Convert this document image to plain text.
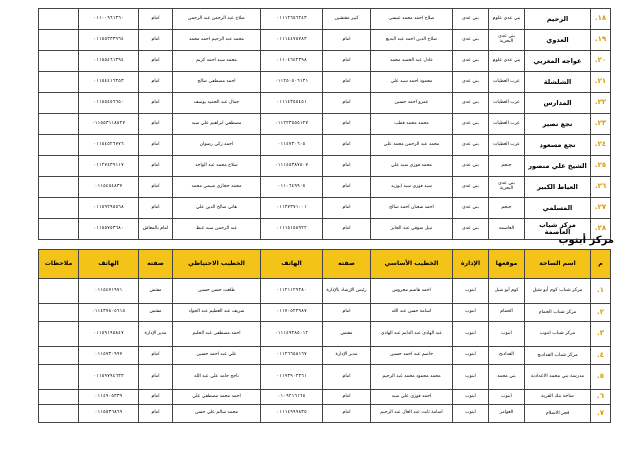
١٨.	الرحيم	بني عدي علوم	بني عدي	صلاح احمد محمد عيسى	كبير مفتشين	٠١١١٢٦٥٦٢٤٣	صلاح عبد الرحمن عبد الرحمن	امام	٠١١٠٠٩٦١٣٦٠	
١٩.	العدوي	بني عدي البحرية	بني عدي	صلاح الدين احمد عبد البديع	امام	٠١١١٤٤٧٥٧٨٣	محمد عبد الرحيم احمد محمد	امام	٠١١٥٥٢٣٣٩٦٤	
٢٠.	عواجه المغربي	بني عدي علوم	بني عدي	عادل عبد الحميد محمد	امام	٠١١٠٤٦٤٢٣٩٨	محمد سيد احمد كريم	امام	٠١١٥٥٤٦١٣٩٤	
٢١.	الشلشلة	عرب العطيات	بني عدي	محمود احمد سيد علي	امام	٠١١٢٥٠٥٠٦١٣١	احمد مصطفى صالح	امام	٠١١٥٤٤١٦٣٥٣	
٢٢.	المدارس	عرب العطيات	بني عدي	عمرو احمد حسين	امام	٠١١١٤٣٥٥٤٥١	جمال عبد الحميد يوسف	امام	٠١١٥٥٤٥٦٦٥٠	
٢٣.	نجع نصير	عرب العطيات	بني عدي	محمد محمد قطب	امام	٠١١٢٢٣٥٥٥١٢٧	مصطفي ابراهيم علي سيد	امام	٠١١٥٥٣١١٨٥٢٧	
٢٤.	نجع مسعود	عرب العطيات	بني عدي	محمد عبد الرحمن محمد علي	امام	٠١١٤٧٣٠٦٠٥	احمد زكي رضوان	امام	٠١١٥٤٥٢٦٧٧٦	
٢٥.	الشيخ علي منصور	جنجم	بني عدي	محمد فوزي سيد علي	امام	٠١١١٤٥٣٨٧٥٠٧	صلاح محمد عبد الواحد	امام	٠١١٢٧٤٣٩١١٧	
٢٦.	العياط الكبير	بني عدي البحرية	بني عدي	سيد فوزي سيد ابوزيد	امام	٠١١٠٦٤٩٩٠٥	محمد حجازي شيمي محمد	امام	٠١١٥٤٥٤٨٣٧	
٢٧.	المسلمي	جنجم	بني عدي	احمد شعبان احمد صالح	امام	٠١١٢٧٣٧١٠٠١	هاني صالح الدين علي	امام	٠١١٥٩٢٩٥٥٦٨	
٢٨.	مركز شباب العاصمة	العاصمه	بني عدي	نبيل شوقي عبد الجابر	امام	٠١١١٥١٥٨٩٢٢	عبد الرحمن سيد عبط	امام بالمعاش	٠١١٥٥٧٥٣٦٨٠	
مركز أبنوب
م	اسم الساحة	موقعها	الإدارة	الخطيب الأساسي	صفته	الهاتف	الخطيب الاحتياطي	صفته	الهاتف	ملاحظات
١.	مركز شباب كوم أبو شيل	كوم أبو شيل	ابنوب	احمد هاشم محروس	رئيس الإرشاد بالإدارة	٠١١٢١١٢٩٢٨٠	طلعت حسن حسين	مفتش	٠١١٥٤٧١٩٧١	
٢.	مركز شباب الحمام	الحمام	ابنوب	اسامة حسن عبد الله	امام	٠١١٧٠٥٢٣٩٨٧	شريف عبد العظيم عبد الجواد	مفتش	٠١١٤٣٧٨٠٥٦١٥	
٣.	مركز شباب ابنوب	ابنوب	ابنوب	عبد الهادي عبد الدايم عبد الهادي	مفتش	٠١١١٤٩٢٨٥٠١٢	احمد مصطفى عبد الحليم	مدير الإدارة	٠١١٥٩١٩٥٨٤٧	
٤.	مركز شباب القدادبح	القدادبح	ابنوب	خاصم عبد احمد حسين	مدير الإدارة	٠١١٢٦٦٥٨١٦٧	علي عبد احمد حسين	امام	٠١١٥٧٣٠٩٩٧	
٥.	مدرسة بني محمد الاعدادية	بني محمد	ابنوب	محمد محمود محمد عبد الرحيم	امام	٠١١٩٣٩٠٢٣٦١	ناجح حامد علي عبد الله	امام	٠١١٥٩٧٩٤٦٣٣	
٦.	ساحة بنك القرية	ابنوب	ابنوب	احمد فوزي علي سيد	امام	٠١٠٩٢١٦١٦٥	احمد محمد مصطفي علي	امام	٠١١٤٩٠٥٣٣٩	
٧.	فجر الاسلام	العوامر	ابنوب	اسامة ثابت عبد العال عبد الرحيم	امام	٠١١١٤٩٩٩٨٣٥	محمد سالم علي حسن	امام	٠١١٥٥٣٦٨٦٩	
